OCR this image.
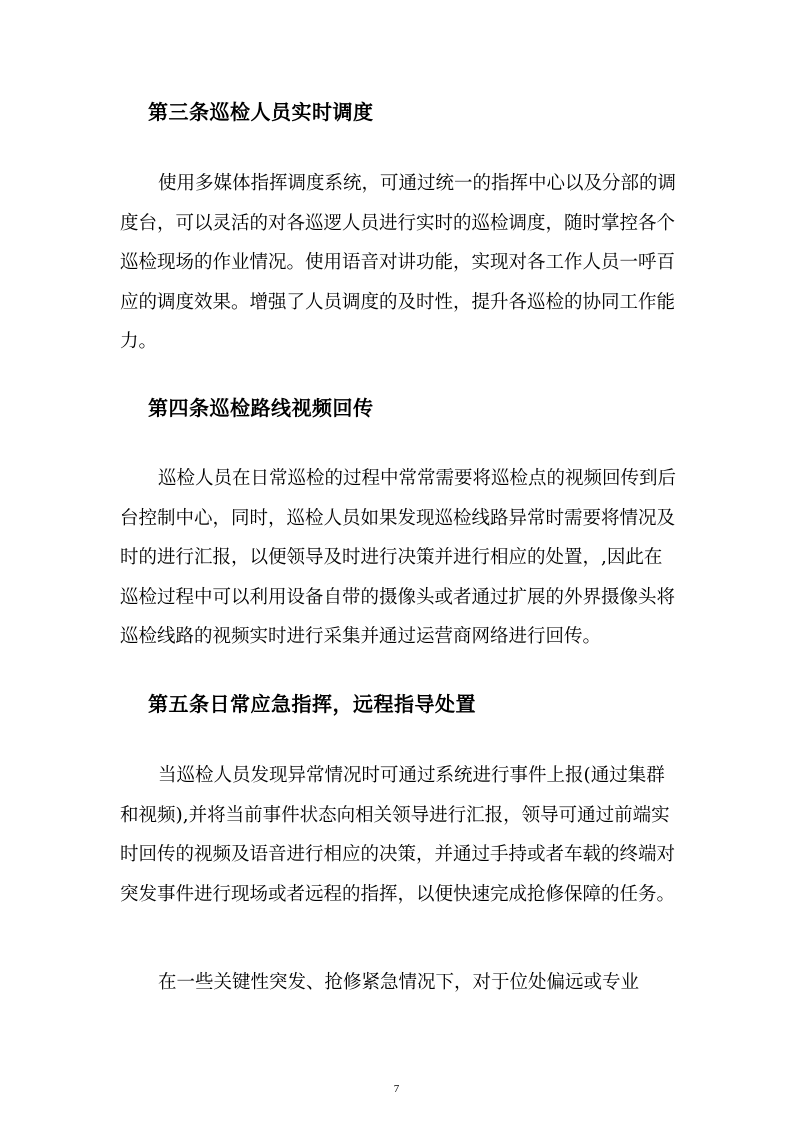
第三条巡检人员实时调度

使用多媒体指挥调度系统，可通过统一的指挥中心以及分部的调度台，可以灵活的对各巡逻人员进行实时的巡检调度，随时掌控各个巡检现场的作业情况。使用语音对讲功能，实现对各工作人员一呼百应的调度效果。增强了人员调度的及时性，提升各巡检的协同工作能力。

第四条巡检路线视频回传

巡检人员在日常巡检的过程中常常需要将巡检点的视频回传到后台控制中心，同时，巡检人员如果发现巡检线路异常时需要将情况及时的进行汇报，以便领导及时进行决策并进行相应的处置，,因此在巡检过程中可以利用设备自带的摄像头或者通过扩展的外界摄像头将巡检线路的视频实时进行采集并通过运营商网络进行回传。

第五条日常应急指挥，远程指导处置

当巡检人员发现异常情况时可通过系统进行事件上报(通过集群和视频),并将当前事件状态向相关领导进行汇报，领导可通过前端实时回传的视频及语音进行相应的决策，并通过手持或者车载的终端对突发事件进行现场或者远程的指挥，以便快速完成抢修保障的任务。

在一些关键性突发、抢修紧急情况下，对于位处偏远或专业

7
